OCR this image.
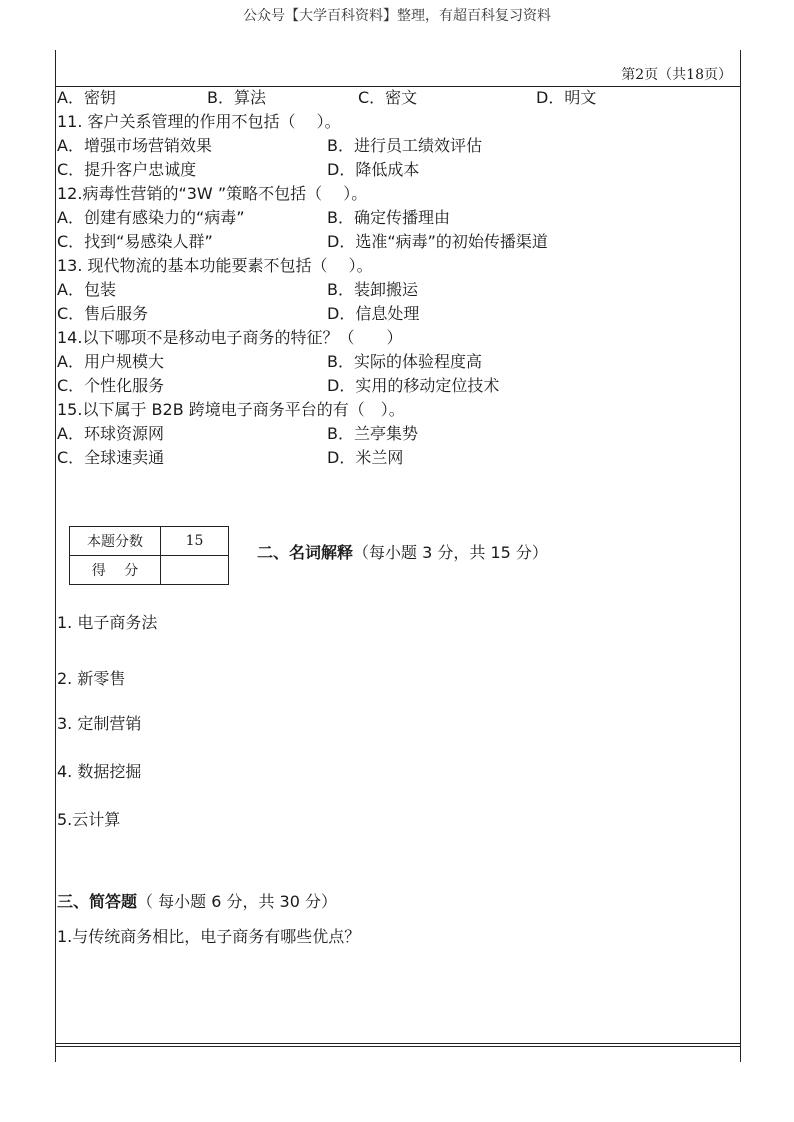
公众号【大学百科资料】整理，有超百科复习资料
第2页（共18页）
A．密钥	B．算法	C．密文	D．明文
11. 客户关系管理的作用不包括（　 ）。
A．增强市场营销效果	B．进行员工绩效评估
C．提升客户忠诚度	D．降低成本
12.病毒性营销的“3W ”策略不包括（　 ）。
A．创建有感染力的“病毒”	B．确定传播理由
C．找到“易感染人群”	D．选准“病毒”的初始传播渠道
13. 现代物流的基本功能要素不包括（　 ）。
A．包装	B．装卸搬运
C．售后服务	D．信息处理
14.以下哪项不是移动电子商务的特征？（　　）
A．用户规模大	B．实际的体验程度高
C．个性化服务	D．实用的移动定位技术
15.以下属于 B2B 跨境电子商务平台的有（　）。
A．环球资源网	B．兰亭集势
C．全球速卖通	D．米兰网
本题分数	15
得　 分	
二、名词解释（每小题 3 分，共 15 分）
1. 电子商务法
2. 新零售
3. 定制营销
4. 数据挖掘
5.云计算
三、简答题（ 每小题 6 分，共 30 分）
1.与传统商务相比，电子商务有哪些优点？
